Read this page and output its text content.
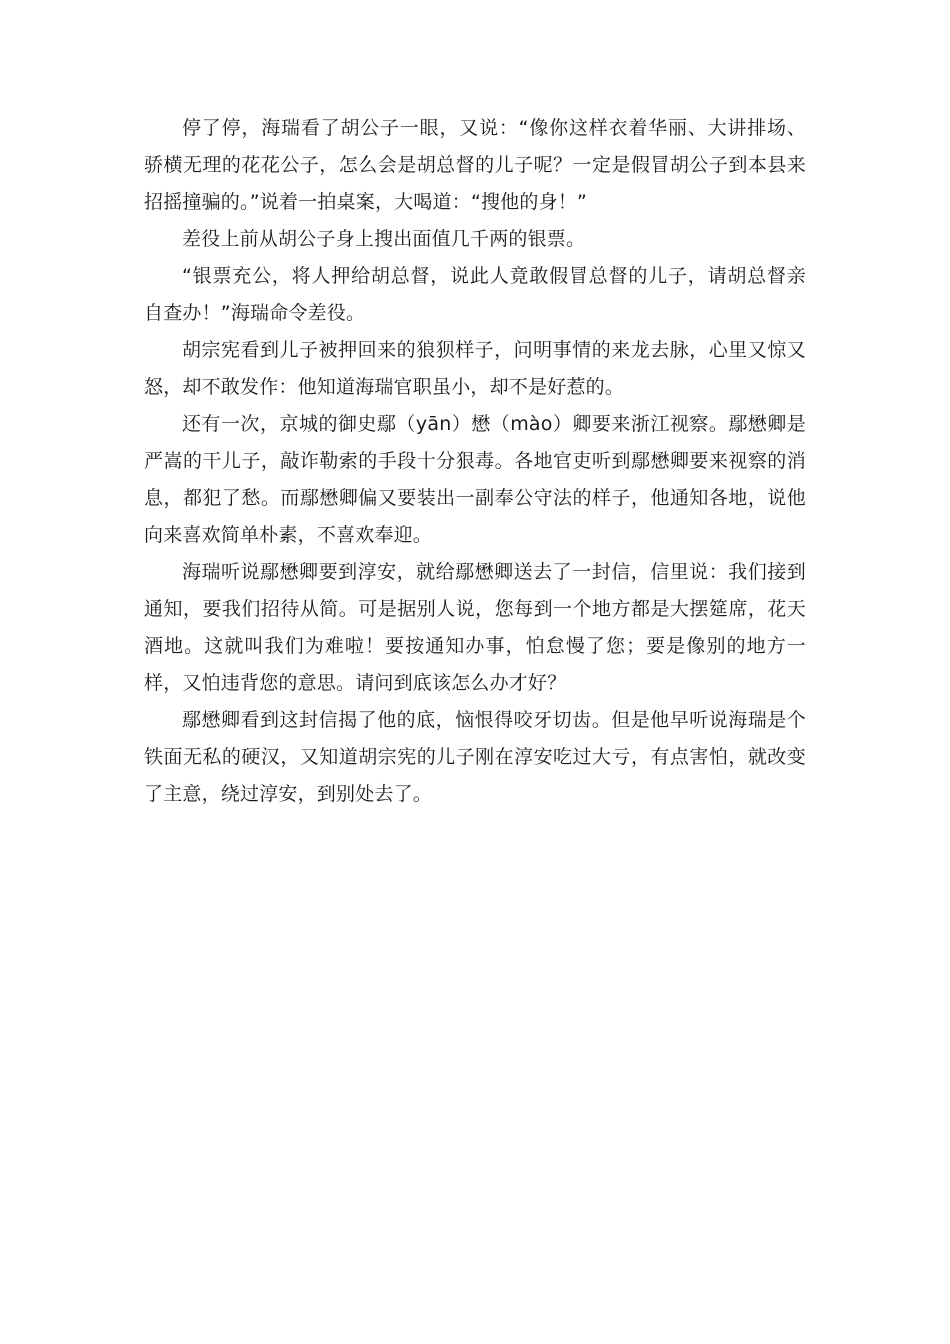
停了停，海瑞看了胡公子一眼，又说：“像你这样衣着华丽、大讲排场、骄横无理的花花公子，怎么会是胡总督的儿子呢？一定是假冒胡公子到本县来招摇撞骗的。”说着一拍桌案，大喝道：“搜他的身！”

差役上前从胡公子身上搜出面值几千两的银票。

“银票充公，将人押给胡总督，说此人竟敢假冒总督的儿子，请胡总督亲自查办！”海瑞命令差役。

胡宗宪看到儿子被押回来的狼狈样子，问明事情的来龙去脉，心里又惊又怒，却不敢发作：他知道海瑞官职虽小，却不是好惹的。

还有一次，京城的御史鄢（yān）懋（mào）卿要来浙江视察。鄢懋卿是严嵩的干儿子，敲诈勒索的手段十分狠毒。各地官吏听到鄢懋卿要来视察的消息，都犯了愁。而鄢懋卿偏又要装出一副奉公守法的样子，他通知各地，说他向来喜欢简单朴素，不喜欢奉迎。

海瑞听说鄢懋卿要到淳安，就给鄢懋卿送去了一封信，信里说：我们接到通知，要我们招待从简。可是据别人说，您每到一个地方都是大摆筵席，花天酒地。这就叫我们为难啦！要按通知办事，怕怠慢了您；要是像别的地方一样，又怕违背您的意思。请问到底该怎么办才好？

鄢懋卿看到这封信揭了他的底，恼恨得咬牙切齿。但是他早听说海瑞是个铁面无私的硬汉，又知道胡宗宪的儿子刚在淳安吃过大亏，有点害怕，就改变了主意，绕过淳安，到别处去了。
